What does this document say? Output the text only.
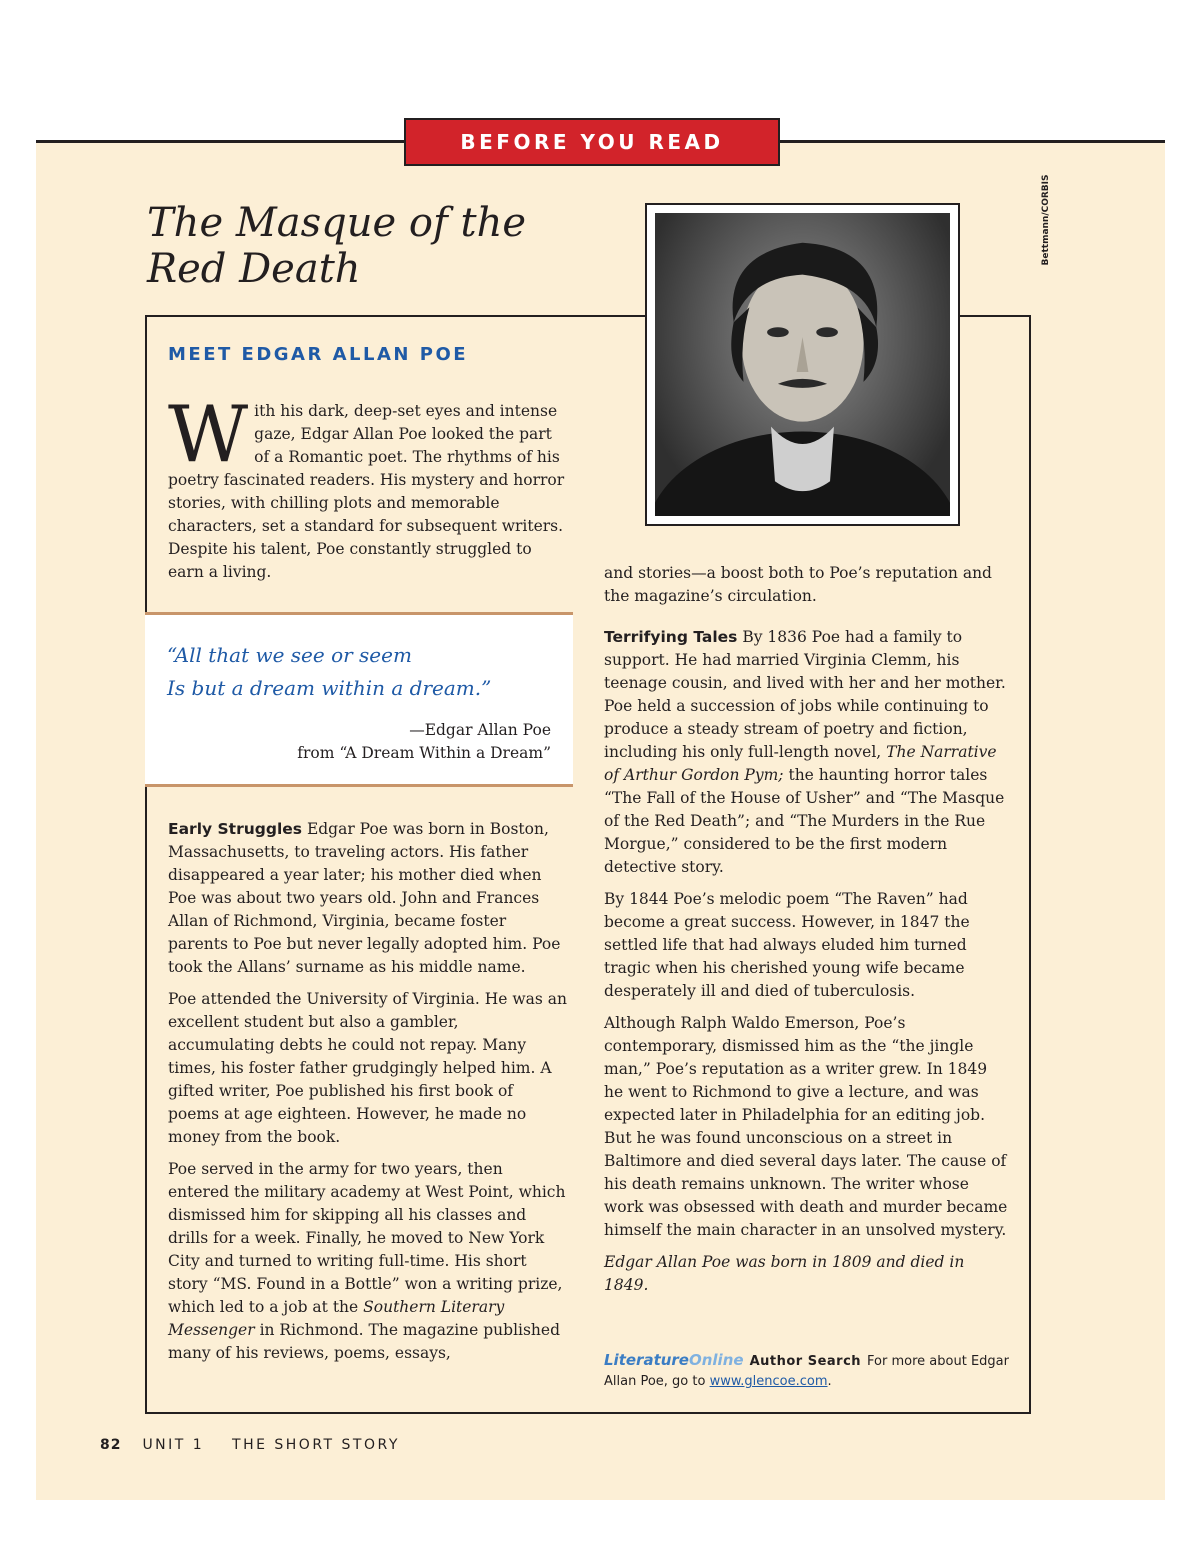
BEFORE YOU READ
Bettmann/CORBIS
The Masque of the
Red Death
MEET EDGAR ALLAN POE
With his dark, deep-set eyes and intense gaze, Edgar Allan Poe looked the part of a Romantic poet. The rhythms of his poetry fascinated readers. His mystery and horror stories, with chilling plots and memorable characters, set a standard for subsequent writers. Despite his talent, Poe constantly struggled to earn a living.
“All that we see or seem
Is but a dream within a dream.”
—Edgar Allan Poe
from “A Dream Within a Dream”

Early Struggles Edgar Poe was born in Boston, Massachusetts, to traveling actors. His father disappeared a year later; his mother died when Poe was about two years old. John and Frances Allan of Richmond, Virginia, became foster parents to Poe but never legally adopted him. Poe took the Allans’ surname as his middle name.

Poe attended the University of Virginia. He was an excellent student but also a gambler, accumulating debts he could not repay. Many times, his foster father grudgingly helped him. A gifted writer, Poe published his first book of poems at age eighteen. However, he made no money from the book.

Poe served in the army for two years, then entered the military academy at West Point, which dismissed him for skipping all his classes and drills for a week. Finally, he moved to New York City and turned to writing full-time. His short story “MS. Found in a Bottle” won a writing prize, which led to a job at the Southern Literary Messenger in Richmond. The magazine published many of his reviews, poems, essays,

and stories—a boost both to Poe’s reputation and the magazine’s circulation.

Terrifying Tales By 1836 Poe had a family to support. He had married Virginia Clemm, his teenage cousin, and lived with her and her mother. Poe held a succession of jobs while continuing to produce a steady stream of poetry and fiction, including his only full-length novel, The Narrative of Arthur Gordon Pym; the haunting horror tales “The Fall of the House of Usher” and “The Masque of the Red Death”; and “The Murders in the Rue Morgue,” considered to be the first modern detective story.

By 1844 Poe’s melodic poem “The Raven” had become a great success. However, in 1847 the settled life that had always eluded him turned tragic when his cherished young wife became desperately ill and died of tuberculosis.

Although Ralph Waldo Emerson, Poe’s contemporary, dismissed him as the “the jingle man,” Poe’s reputation as a writer grew. In 1849 he went to Richmond to give a lecture, and was expected later in Philadelphia for an editing job. But he was found unconscious on a street in Baltimore and died several days later. The cause of his death remains unknown. The writer whose work was obsessed with death and murder became himself the main character in an unsolved mystery.

Edgar Allan Poe was born in 1809 and died in 1849.

LiteratureOnline Author Search For more about Edgar Allan Poe, go to www.glencoe.com.
82 UNIT 1 THE SHORT STORY
